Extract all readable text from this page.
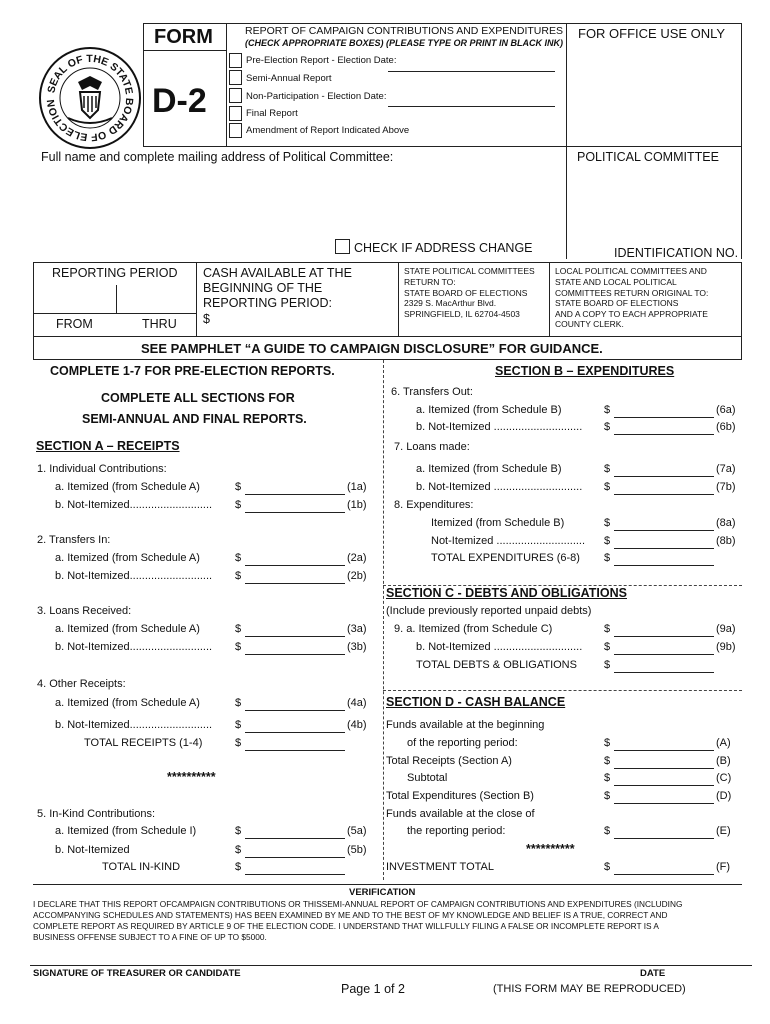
SEAL OF THE STATE BOARD OF ELECTION
FORM
D-2
REPORT OF CAMPAIGN CONTRIBUTIONS AND EXPENDITURES
(CHECK APPROPRIATE BOXES) (PLEASE TYPE OR PRINT IN BLACK INK)
FOR OFFICE USE ONLY
Pre-Election Report - Election Date:
Semi-Annual Report
Non-Participation - Election Date:
Final Report
Amendment of Report Indicated Above
Full name and complete mailing address of Political Committee:	POLITICAL COMMITTEE
CHECK IF ADDRESS CHANGE	IDENTIFICATION NO.
REPORTING PERIOD
FROM	THRU
CASH AVAILABLE AT THE
BEGINNING OF THE
REPORTING PERIOD:
$
STATE POLITICAL COMMITTEES
RETURN TO:
STATE BOARD OF ELECTIONS
2329 S. MacArthur Blvd.
SPRINGFIELD, IL 62704-4503
LOCAL POLITICAL COMMITTEES AND
STATE AND LOCAL POLITICAL
COMMITTEES RETURN ORIGINAL TO:
STATE BOARD OF ELECTIONS
AND A COPY TO EACH APPROPRIATE
COUNTY CLERK.
SEE PAMPHLET “A GUIDE TO CAMPAIGN DISCLOSURE” FOR GUIDANCE.
COMPLETE 1-7 FOR PRE-ELECTION REPORTS.
COMPLETE ALL SECTIONS FOR
SEMI-ANNUAL AND FINAL REPORTS.
SECTION A – RECEIPTS
1. Individual Contributions:
a. Itemized (from Schedule A)	$	(1a)
b. Not-Itemized........................... $	(1b)
2. Transfers In:
a. Itemized (from Schedule A)	$	(2a)
b. Not-Itemized........................... $	(2b)
3. Loans Received:
a. Itemized (from Schedule A)	$	(3a)
b. Not-Itemized........................... $	(3b)
4. Other Receipts:
a. Itemized (from Schedule A)	$	(4a)
b. Not-Itemized........................... $	(4b)
TOTAL RECEIPTS (1-4)	$
5. In-Kind Contributions:
a. Itemized (from Schedule I)	$	(5a)
b. Not-Itemized	$	(5b)
TOTAL IN-KIND	$
**********
SECTION B – EXPENDITURES
6. Transfers Out:
a. Itemized (from Schedule B)	$	(6a)
b. Not-Itemized ............................. $	(6b)
7. Loans made:
a. Itemized (from Schedule B)	$	(7a)
b. Not-Itemized ............................. $	(7b)
8. Expenditures:
Itemized (from Schedule B)	$	(8a)
Not-Itemized ............................. $	(8b)
TOTAL EXPENDITURES (6-8) $
SECTION C - DEBTS AND OBLIGATIONS
(Include previously reported unpaid debts)
9. a. Itemized (from Schedule C)	$	(9a)
b. Not-Itemized ............................. $	(9b)
TOTAL DEBTS & OBLIGATIONS $
SECTION D - CASH BALANCE
Funds available at the beginning
of the reporting period:	$	(A)
Total Receipts (Section A)	$	(B)
Subtotal	$	(C)
Total Expenditures (Section B)	$	(D)
Funds available at the close of
the reporting period:	$	(E)
INVESTMENT TOTAL	$	(F)
**********
VERIFICATION
I DECLARE THAT THIS REPORT OFCAMPAIGN CONTRIBUTIONS OR THISSEMI-ANNUAL REPORT OF CAMPAIGN CONTRIBUTIONS AND EXPENDITURES (INCLUDING
ACCOMPANYING SCHEDULES AND STATEMENTS) HAS BEEN EXAMINED BY ME AND TO THE BEST OF MY KNOWLEDGE AND BELIEF IS A TRUE, CORRECT AND
COMPLETE REPORT AS REQUIRED BY ARTICLE 9 OF THE ELECTION CODE. I UNDERSTAND THAT WILLFULLY FILING A FALSE OR INCOMPLETE REPORT IS A
BUSINESS OFFENSE SUBJECT TO A FINE OF UP TO $5000.
SIGNATURE OF TREASURER OR CANDIDATE	DATE
Page 1 of 2	(THIS FORM MAY BE REPRODUCED)
